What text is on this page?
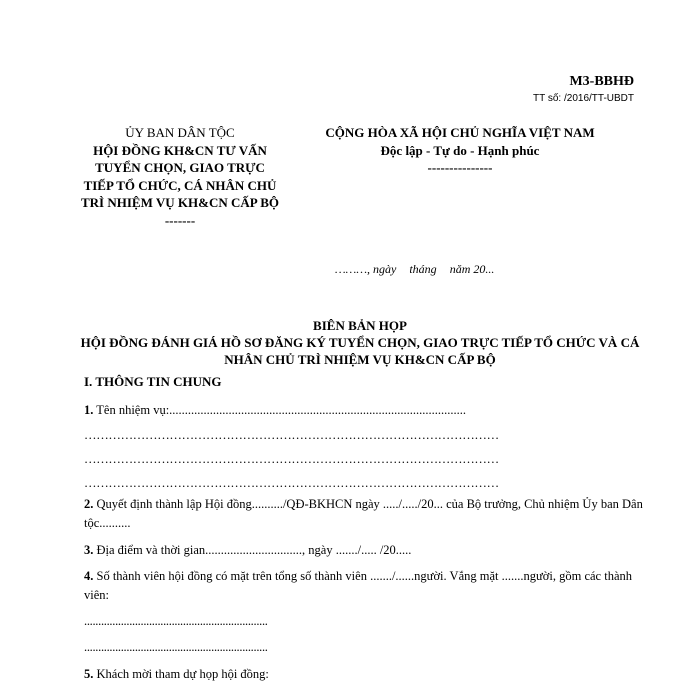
M3-BBHĐ
TT số: /2016/TT-UBDT
ỦY BAN DÂN TỘC
HỘI ĐỒNG KH&CN TƯ VẤN TUYỂN CHỌN, GIAO TRỰC TIẾP TỔ CHỨC, CÁ NHÂN CHỦ TRÌ NHIỆM VỤ KH&CN CẤP BỘ
-------
CỘNG HÒA XÃ HỘI CHỦ NGHĨA VIỆT NAM
Độc lập - Tự do - Hạnh phúc
---------------
………, ngày tháng năm 20...
BIÊN BẢN HỌP
HỘI ĐỒNG ĐÁNH GIÁ HỒ SƠ ĐĂNG KÝ TUYỂN CHỌN, GIAO TRỰC TIẾP TỔ CHỨC VÀ CÁ NHÂN CHỦ TRÌ NHIỆM VỤ KH&CN CẤP BỘ
I. THÔNG TIN CHUNG
1. Tên nhiệm vụ:...............................................................................................
…………………………………………………………………………………………
…………………………………………………………………………………………
…………………………………………………………………………………………
2. Quyết định thành lập Hội đồng........../QĐ-BKHCN ngày ...../...../20... của Bộ trưởng, Chủ nhiệm Ủy ban Dân tộc..........
3. Địa điểm và thời gian..............................., ngày ......./..... /20.....
4. Số thành viên hội đồng có mặt trên tổng số thành viên ......./......người. Vắng mặt .......người, gồm các thành viên:
.................................................................
.................................................................
5. Khách mời tham dự họp hội đồng:
